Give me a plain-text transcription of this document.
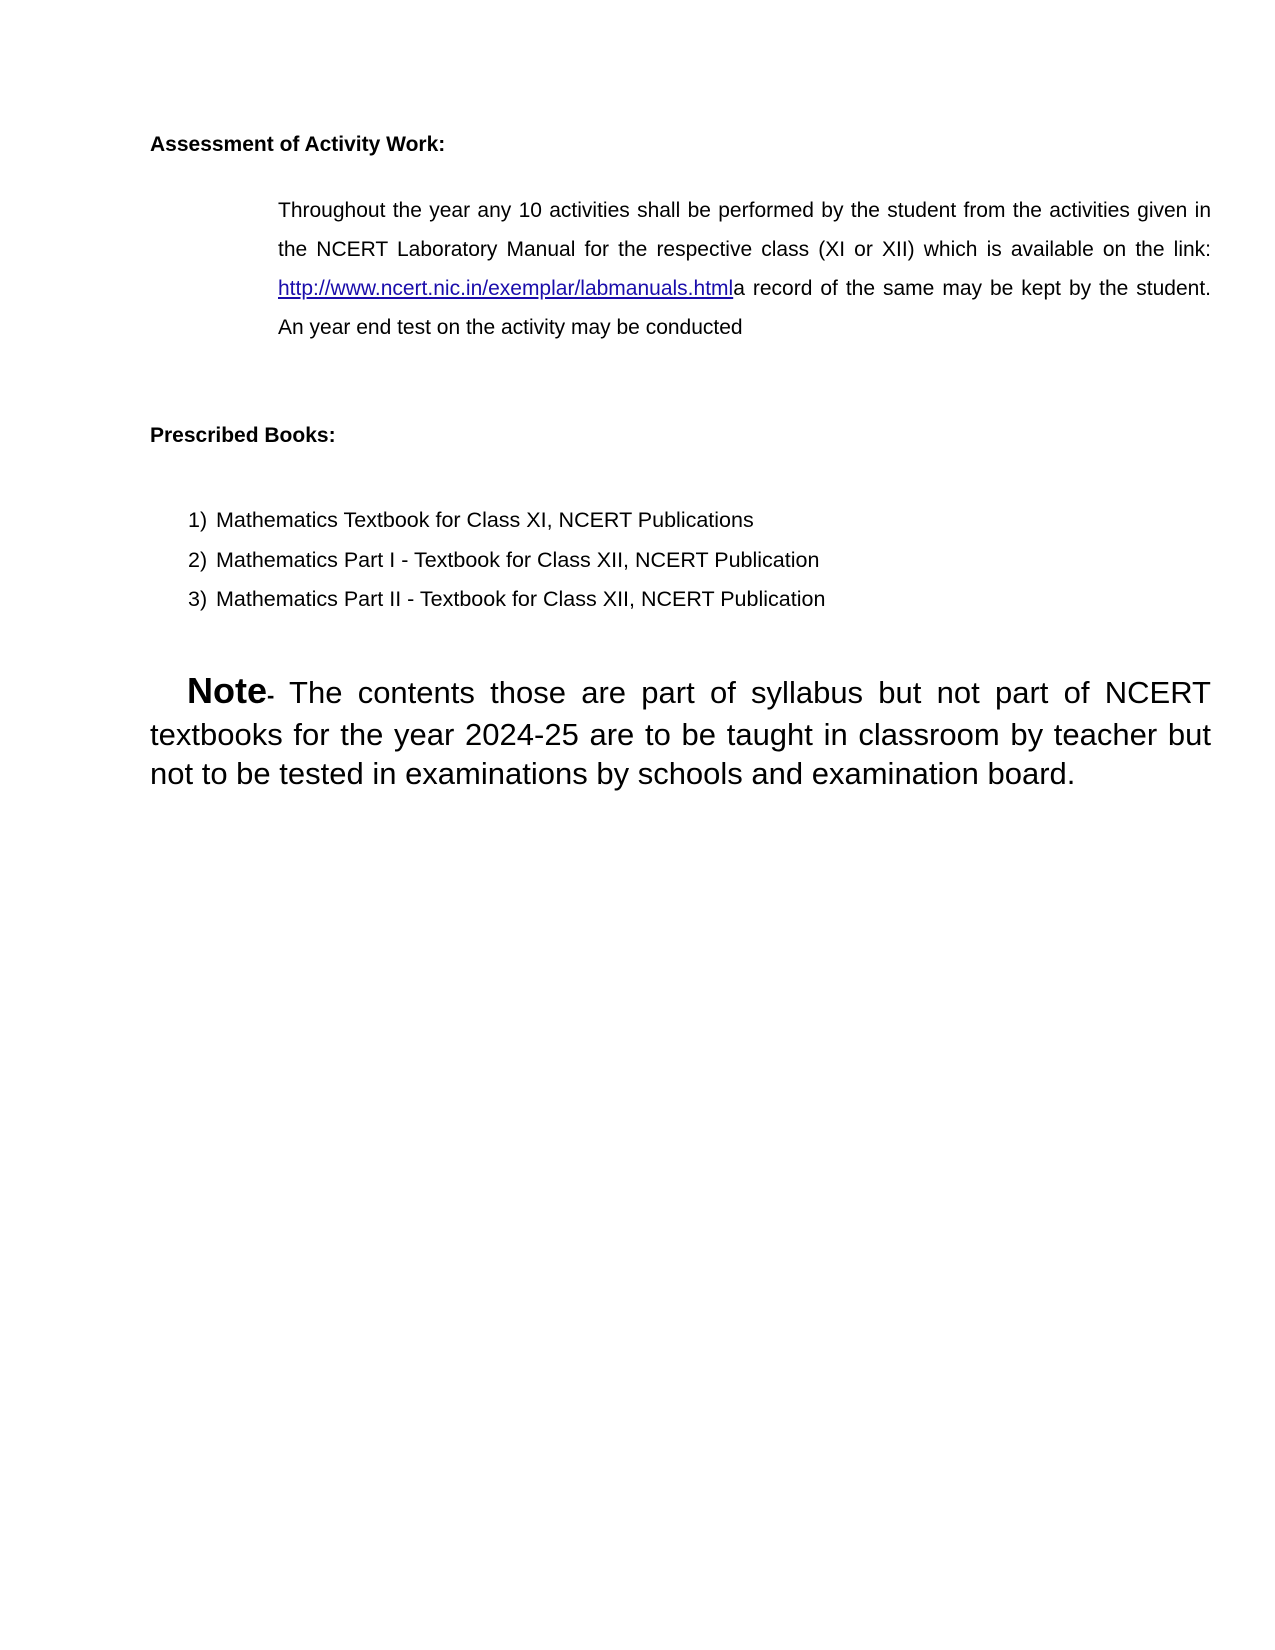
Assessment of Activity Work:

Throughout the year any 10 activities shall be performed by the student from the activities given in the NCERT Laboratory Manual for the respective class (XI or XII) which is available on the link: http://www.ncert.nic.in/exemplar/labmanuals.htmla record of the same may be kept by the student. An year end test on the activity may be conducted

Prescribed Books:
1) Mathematics Textbook for Class XI, NCERT Publications
2) Mathematics Part I - Textbook for Class XII, NCERT Publication
3) Mathematics Part II - Textbook for Class XII, NCERT Publication

Note- The contents those are part of syllabus but not part of NCERT textbooks for the year 2024-25 are to be taught in classroom by teacher but not to be tested in examinations by schools and examination board.
